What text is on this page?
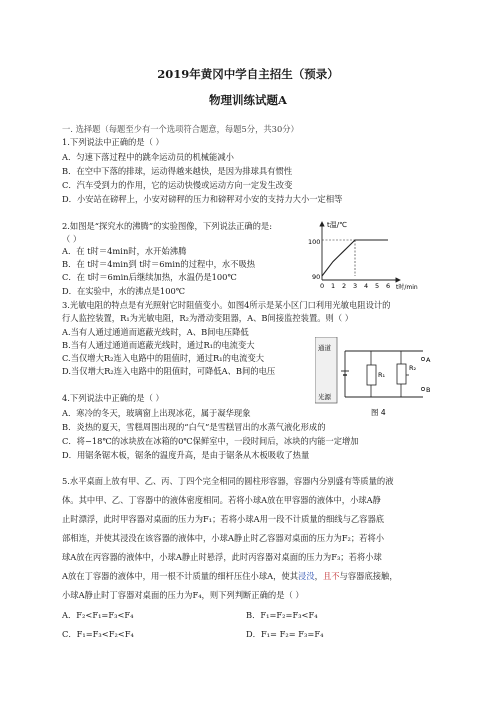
2019年黄冈中学自主招生（预录）
物理训练试题A
一. 选择题（每题至少有一个选项符合题意，每题5分，共30分）
1.下列说法中正确的是（ ）
A．匀速下落过程中的跳伞运动员的机械能减小
B．在空中下落的排球，运动得越来越快，是因为排球具有惯性
C．汽车受到力的作用，它的运动快慢或运动方向一定发生改变
D．小安站在磅秤上，小安对磅秤的压力和磅秤对小安的支持力大小一定相等
2.如图是“探究水的沸腾”的实验图像，下列说法正确的是:
（ ）
A．在 t时＝4min时，水开始沸腾
B．在 t时＝4min到 t时＝6min的过程中，水不吸热
C．在 t时＝6min后继续加热，水温仍是100℃
D．在实验中，水的沸点是100℃
t温/℃
t时/min
100
90
0 1 2 3 4 5 6
3.光敏电阻的特点是有光照射它时阻值变小。如图4所示是某小区门口利用光敏电阻设计的
行人监控装置，R₁为光敏电阻，R₂为滑动变阻器，A、B间接监控装置。则（ ）
A.当有人通过通道而遮蔽光线时，A、B间电压降低
B.当有人通过通道而遮蔽光线时，通过R₁的电流变大
C.当仅增大R₂连入电路中的阻值时，通过R₁的电流变大
D.当仅增大R₂连入电路中的阻值时，可降低A、B间的电压
通道
光源
R₁
R₂
A
B
图 4
4.下列说法中正确的是（ ）
A．寒冷的冬天，玻璃窗上出现冰花，属于凝华现象
B．炎热的夏天，雪糕周围出现的“白气”是雪糕冒出的水蒸气液化形成的
C．将−18℃的冰块放在冰箱的0℃保鲜室中，一段时间后，冰块的内能一定增加
D．用锯条锯木板，锯条的温度升高，是由于锯条从木板吸收了热量
5.水平桌面上放有甲、乙、丙、丁四个完全相同的圆柱形容器，容器内分别盛有等质量的液
体。其中甲、乙、丁容器中的液体密度相同。若将小球A放在甲容器的液体中，小球A静
止时漂浮，此时甲容器对桌面的压力为F₁；若将小球A用一段不计质量的细线与乙容器底
部相连，并使其浸没在该容器的液体中，小球A静止时乙容器对桌面的压力为F₂；若将小
球A放在丙容器的液体中，小球A静止时悬浮，此时丙容器对桌面的压力为F₃；若将小球
A放在丁容器的液体中，用一根不计质量的细杆压住小球A，使其浸没，且不与容器底接触，
小球A静止时丁容器对桌面的压力为F₄，则下列判断正确的是（ ）
A．F₂<F₁=F₃<F₄	B．F₁=F₂=F₃<F₄
C．F₁=F₃<F₂<F₄	D．F₁= F₂= F₃=F₄
